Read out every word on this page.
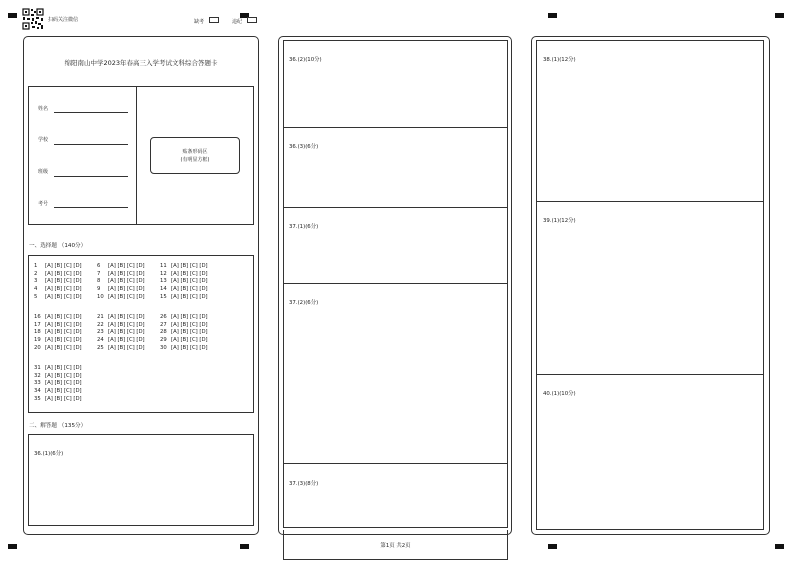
扫码关注微信	缺考	违纪
绵阳南山中学2023年春高三入学考试文科综合答题卡
姓名
学校
班级
考号
贴条形码区
(有明显方框)
一、选择题 （140分）
1 [A] [B] [C] [D]	6 [A] [B] [C] [D]	11 [A] [B] [C] [D]
2 [A] [B] [C] [D]	7 [A] [B] [C] [D]	12 [A] [B] [C] [D]
3 [A] [B] [C] [D]	8 [A] [B] [C] [D]	13 [A] [B] [C] [D]
4 [A] [B] [C] [D]	9 [A] [B] [C] [D]	14 [A] [B] [C] [D]
5 [A] [B] [C] [D]	10 [A] [B] [C] [D]	15 [A] [B] [C] [D]
16 [A] [B] [C] [D]	21 [A] [B] [C] [D]	26 [A] [B] [C] [D]
17 [A] [B] [C] [D]	22 [A] [B] [C] [D]	27 [A] [B] [C] [D]
18 [A] [B] [C] [D]	23 [A] [B] [C] [D]	28 [A] [B] [C] [D]
19 [A] [B] [C] [D]	24 [A] [B] [C] [D]	29 [A] [B] [C] [D]
20 [A] [B] [C] [D]	25 [A] [B] [C] [D]	30 [A] [B] [C] [D]
31 [A] [B] [C] [D]
32 [A] [B] [C] [D]
33 [A] [B] [C] [D]
34 [A] [B] [C] [D]
35 [A] [B] [C] [D]
二、解答题 （135分）
36.(1)(6分)
36.(2)(10分)
36.(3)(6分)
37.(1)(6分)
37.(2)(6分)
37.(3)(8分)
第1页 共2页
38.(1)(12分)
39.(1)(12分)
40.(1)(10分)
